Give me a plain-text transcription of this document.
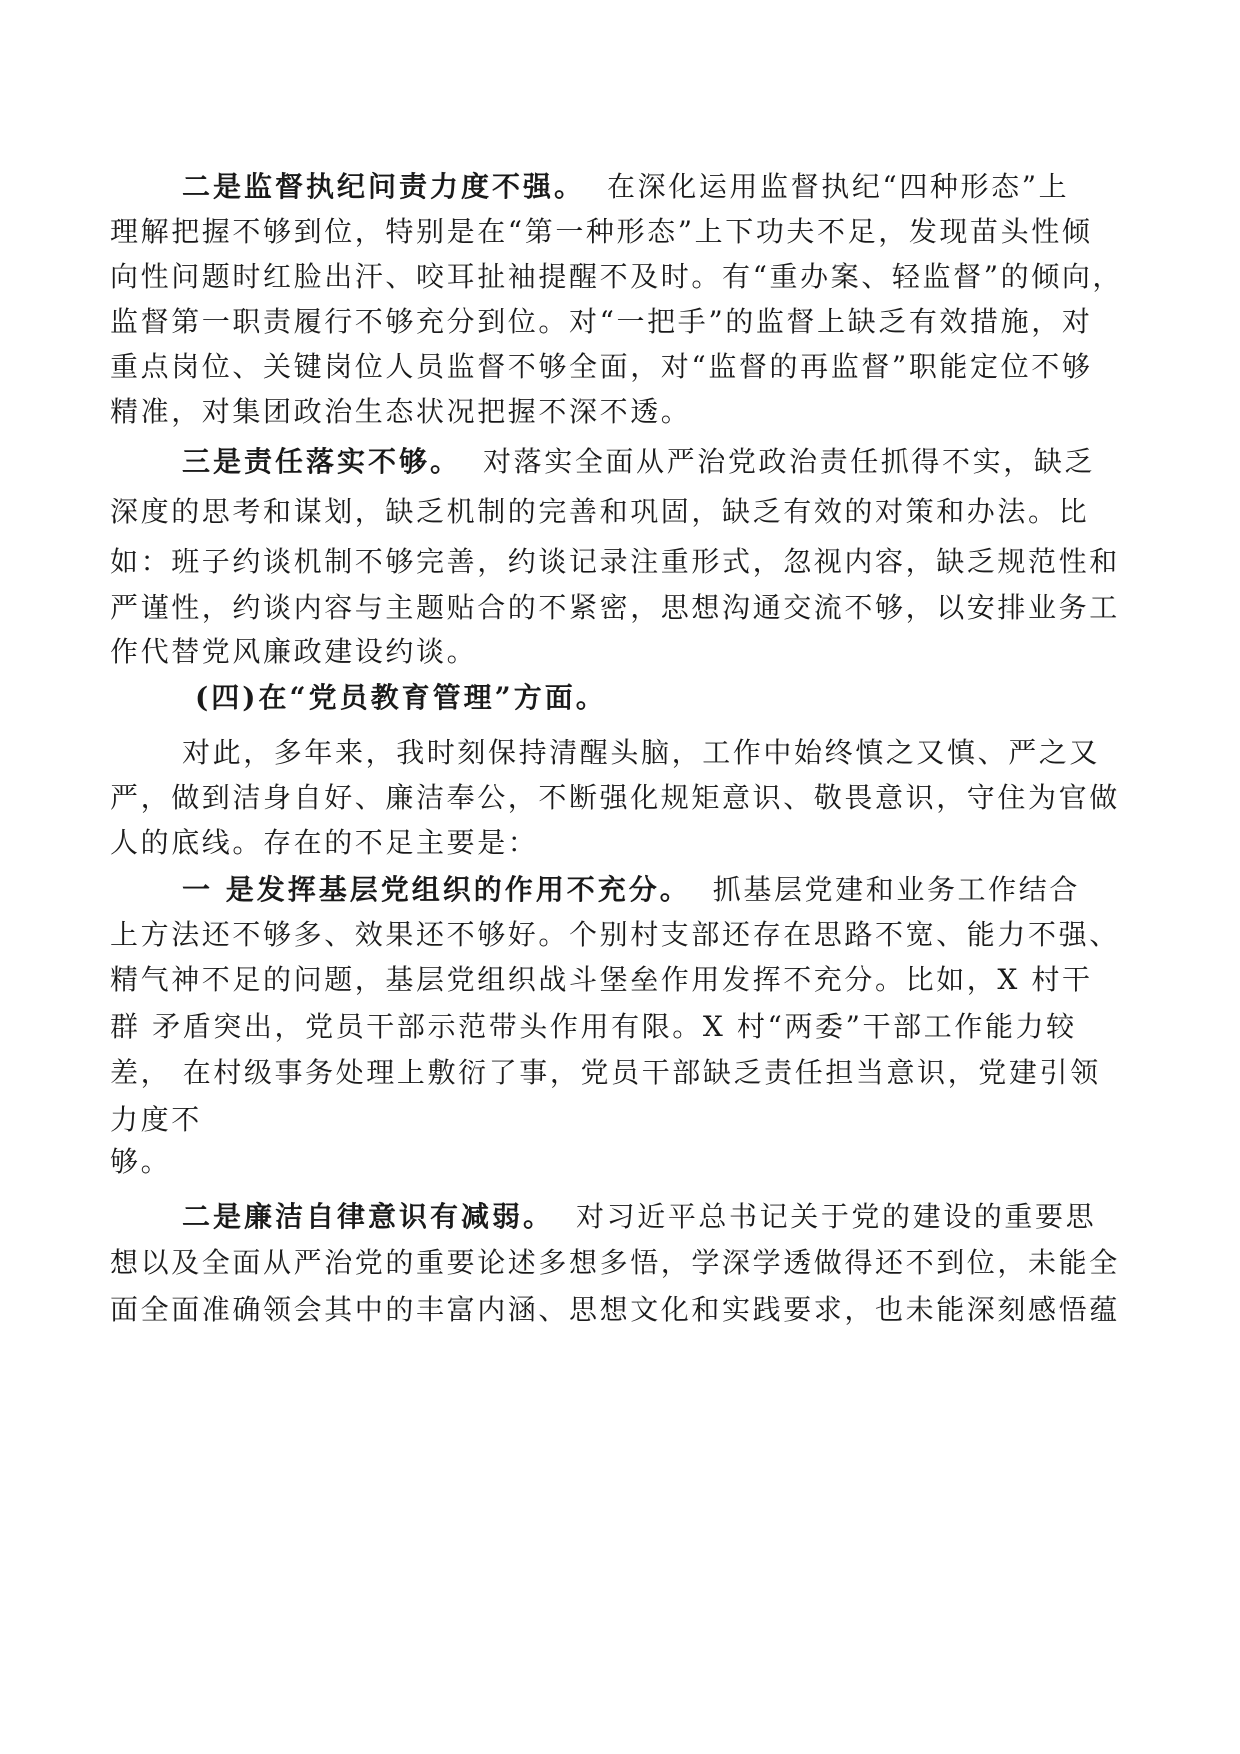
二是监督执纪问责力度不强。 在深化运用监督执纪“四种形态”上
理解把握不够到位，特别是在“第一种形态”上下功夫不足，发现苗头性倾
向性问题时红脸出汗、咬耳扯袖提醒不及时。有“重办案、轻监督”的倾向，
监督第一职责履行不够充分到位。对“一把手”的监督上缺乏有效措施，对
重点岗位、关键岗位人员监督不够全面，对“监督的再监督”职能定位不够
精准，对集团政治生态状况把握不深不透。
三是责任落实不够。 对落实全面从严治党政治责任抓得不实，缺乏
深度的思考和谋划，缺乏机制的完善和巩固，缺乏有效的对策和办法。比
如：班子约谈机制不够完善，约谈记录注重形式，忽视内容，缺乏规范性和
严谨性，约谈内容与主题贴合的不紧密，思想沟通交流不够，以安排业务工
作代替党风廉政建设约谈。
(四)在“党员教育管理”方面。
对此，多年来，我时刻保持清醒头脑，工作中始终慎之又慎、严之又
严，做到洁身自好、廉洁奉公，不断强化规矩意识、敬畏意识，守住为官做
人的底线。存在的不足主要是：
一 是发挥基层党组织的作用不充分。 抓基层党建和业务工作结合
上方法还不够多、效果还不够好。个别村支部还存在思路不宽、能力不强、
精气神不足的问题，基层党组织战斗堡垒作用发挥不充分。比如，X 村干
群 矛盾突出，党员干部示范带头作用有限。X 村“两委”干部工作能力较
差， 在村级事务处理上敷衍了事，党员干部缺乏责任担当意识，党建引领
力度不
够。
二是廉洁自律意识有减弱。 对习近平总书记关于党的建设的重要思
想以及全面从严治党的重要论述多想多悟，学深学透做得还不到位，未能全
面全面准确领会其中的丰富内涵、思想文化和实践要求，也未能深刻感悟蕴
